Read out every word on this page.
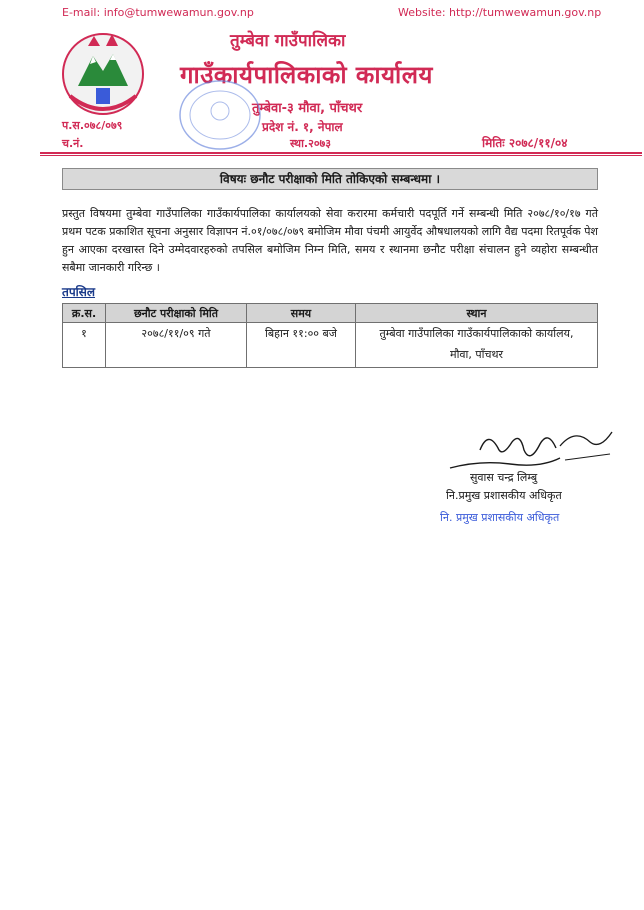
E-mail: info@tumwewamun.gov.np	Website: http://tumwewamun.gov.np
तुम्बेवा गाउँपालिका
गाउँकार्यपालिकाको कार्यालय
तुम्बेवा-३ मौवा, पाँचथर
प्रदेश नं. १, नेपाल
प.स.०७८/०७९
च.नं.	स्था.२०७३	मितिः २०७८/११/०४
विषयः छनौट परीक्षाको मिति तोकिएको सम्बन्धमा ।
प्रस्तुत विषयमा तुम्बेवा गाउँपालिका गाउँकार्यपालिका कार्यालयको सेवा करारमा कर्मचारी पदपूर्ति गर्ने सम्बन्धी मिति २०७८/१०/१७ गते प्रथम पटक प्रकाशित सूचना अनुसार विज्ञापन नं.०१/०७८/०७९ बमोजिम मौवा पंचमी आयुर्वेद औषधालयको लागि वैद्य पदमा रितपूर्वक पेश हुन आएका दरखास्त दिने उम्मेदवारहरुको तपसिल बमोजिम निम्न मिति, समय र स्थानमा छनौट परीक्षा संचालन हुने व्यहोरा सम्बन्धीत सबैमा जानकारी गरिन्छ ।
तपसिल
क्र.स.	छनौट परीक्षाको मिति	समय	स्थान
१	२०७८/११/०९ गते	बिहान ११:०० बजे	तुम्बेवा गाउँपालिका गाउँकार्यपालिकाको कार्यालय,
मौवा, पाँचथर
सुवास चन्द्र लिम्बु
नि.प्रमुख प्रशासकीय अधिकृत
नि. प्रमुख प्रशासकीय अधिकृत
